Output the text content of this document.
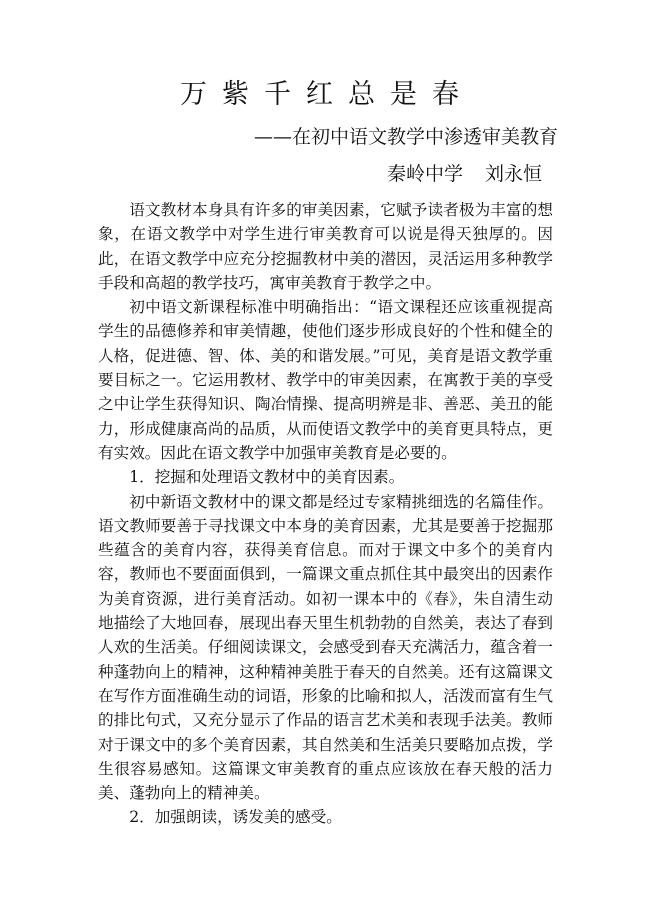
万紫千红总是春
——在初中语文教学中渗透审美教育
秦岭中学 刘永恒

语文教材本身具有许多的审美因素，它赋予读者极为丰富的想象，在语文教学中对学生进行审美教育可以说是得天独厚的。因此，在语文教学中应充分挖掘教材中美的潜因，灵活运用多种教学手段和高超的教学技巧，寓审美教育于教学之中。

初中语文新课程标准中明确指出：“语文课程还应该重视提高学生的品德修养和审美情趣，使他们逐步形成良好的个性和健全的人格，促进德、智、体、美的和谐发展。”可见，美育是语文教学重要目标之一。它运用教材、教学中的审美因素，在寓教于美的享受之中让学生获得知识、陶冶情操、提高明辨是非、善恶、美丑的能力，形成健康高尚的品质，从而使语文教学中的美育更具特点，更有实效。因此在语文教学中加强审美教育是必要的。

1．挖掘和处理语文教材中的美育因素。

初中新语文教材中的课文都是经过专家精挑细选的名篇佳作。语文教师要善于寻找课文中本身的美育因素，尤其是要善于挖掘那些蕴含的美育内容，获得美育信息。而对于课文中多个的美育内容，教师也不要面面俱到，一篇课文重点抓住其中最突出的因素作为美育资源，进行美育活动。如初一课本中的《春》，朱自清生动地描绘了大地回春，展现出春天里生机勃勃的自然美，表达了春到人欢的生活美。仔细阅读课文，会感受到春天充满活力，蕴含着一种蓬勃向上的精神，这种精神美胜于春天的自然美。还有这篇课文在写作方面准确生动的词语，形象的比喻和拟人，活泼而富有生气的排比句式，又充分显示了作品的语言艺术美和表现手法美。教师对于课文中的多个美育因素，其自然美和生活美只要略加点拨，学生很容易感知。这篇课文审美教育的重点应该放在春天般的活力美、蓬勃向上的精神美。

2．加强朗读，诱发美的感受。
